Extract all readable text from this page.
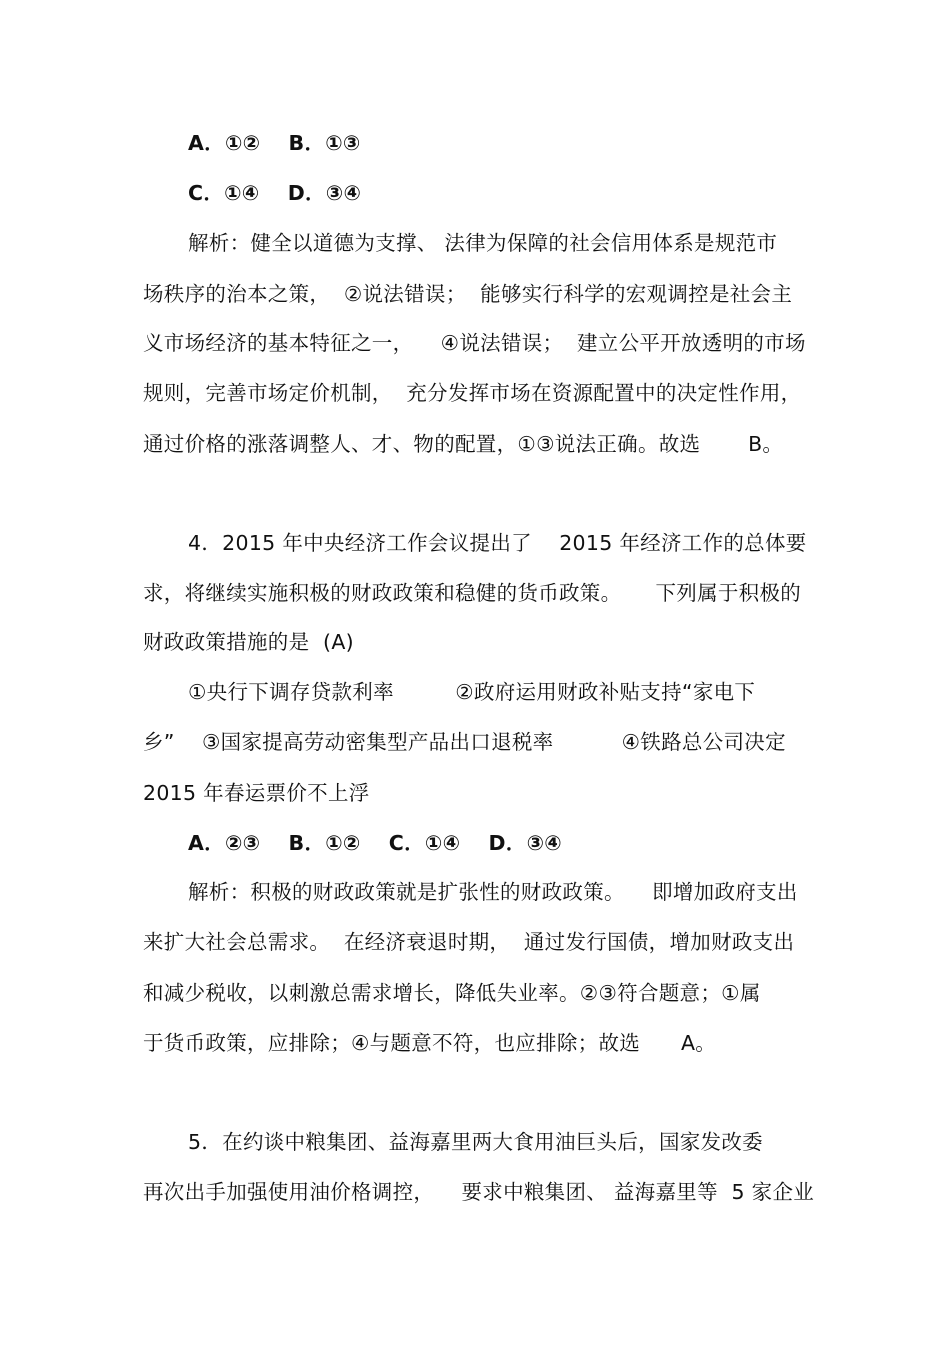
A．①②　 B．①③
C．①④　 D．③④
解析：健全以道德为支撑、 法律为保障的社会信用体系是规范市
场秩序的治本之策，  ②说法错误；  能够实行科学的宏观调控是社会主
义市场经济的基本特征之一，    ④说法错误；  建立公平开放透明的市场
规则，完善市场定价机制，  充分发挥市场在资源配置中的决定性作用，
通过价格的涨落调整人、才、物的配置，①③说法正确。故选       B。
4．2015 年中央经济工作会议提出了    2015 年经济工作的总体要
求，将继续实施积极的财政政策和稳健的货币政策。     下列属于积极的
财政政策措施的是  (A)
①央行下调存贷款利率         ②政府运用财政补贴支持“家电下
乡”    ③国家提高劳动密集型产品出口退税率          ④铁路总公司决定
2015 年春运票价不上浮
A．②③　 B．①②　 C．①④　 D．③④
解析：积极的财政政策就是扩张性的财政政策。    即增加政府支出
来扩大社会总需求。  在经济衰退时期，  通过发行国债，增加财政支出
和减少税收，以刺激总需求增长，降低失业率。②③符合题意；①属
于货币政策，应排除；④与题意不符，也应排除；故选      A。
5．在约谈中粮集团、益海嘉里两大食用油巨头后，国家发改委
再次出手加强使用油价格调控，    要求中粮集团、 益海嘉里等  5 家企业
